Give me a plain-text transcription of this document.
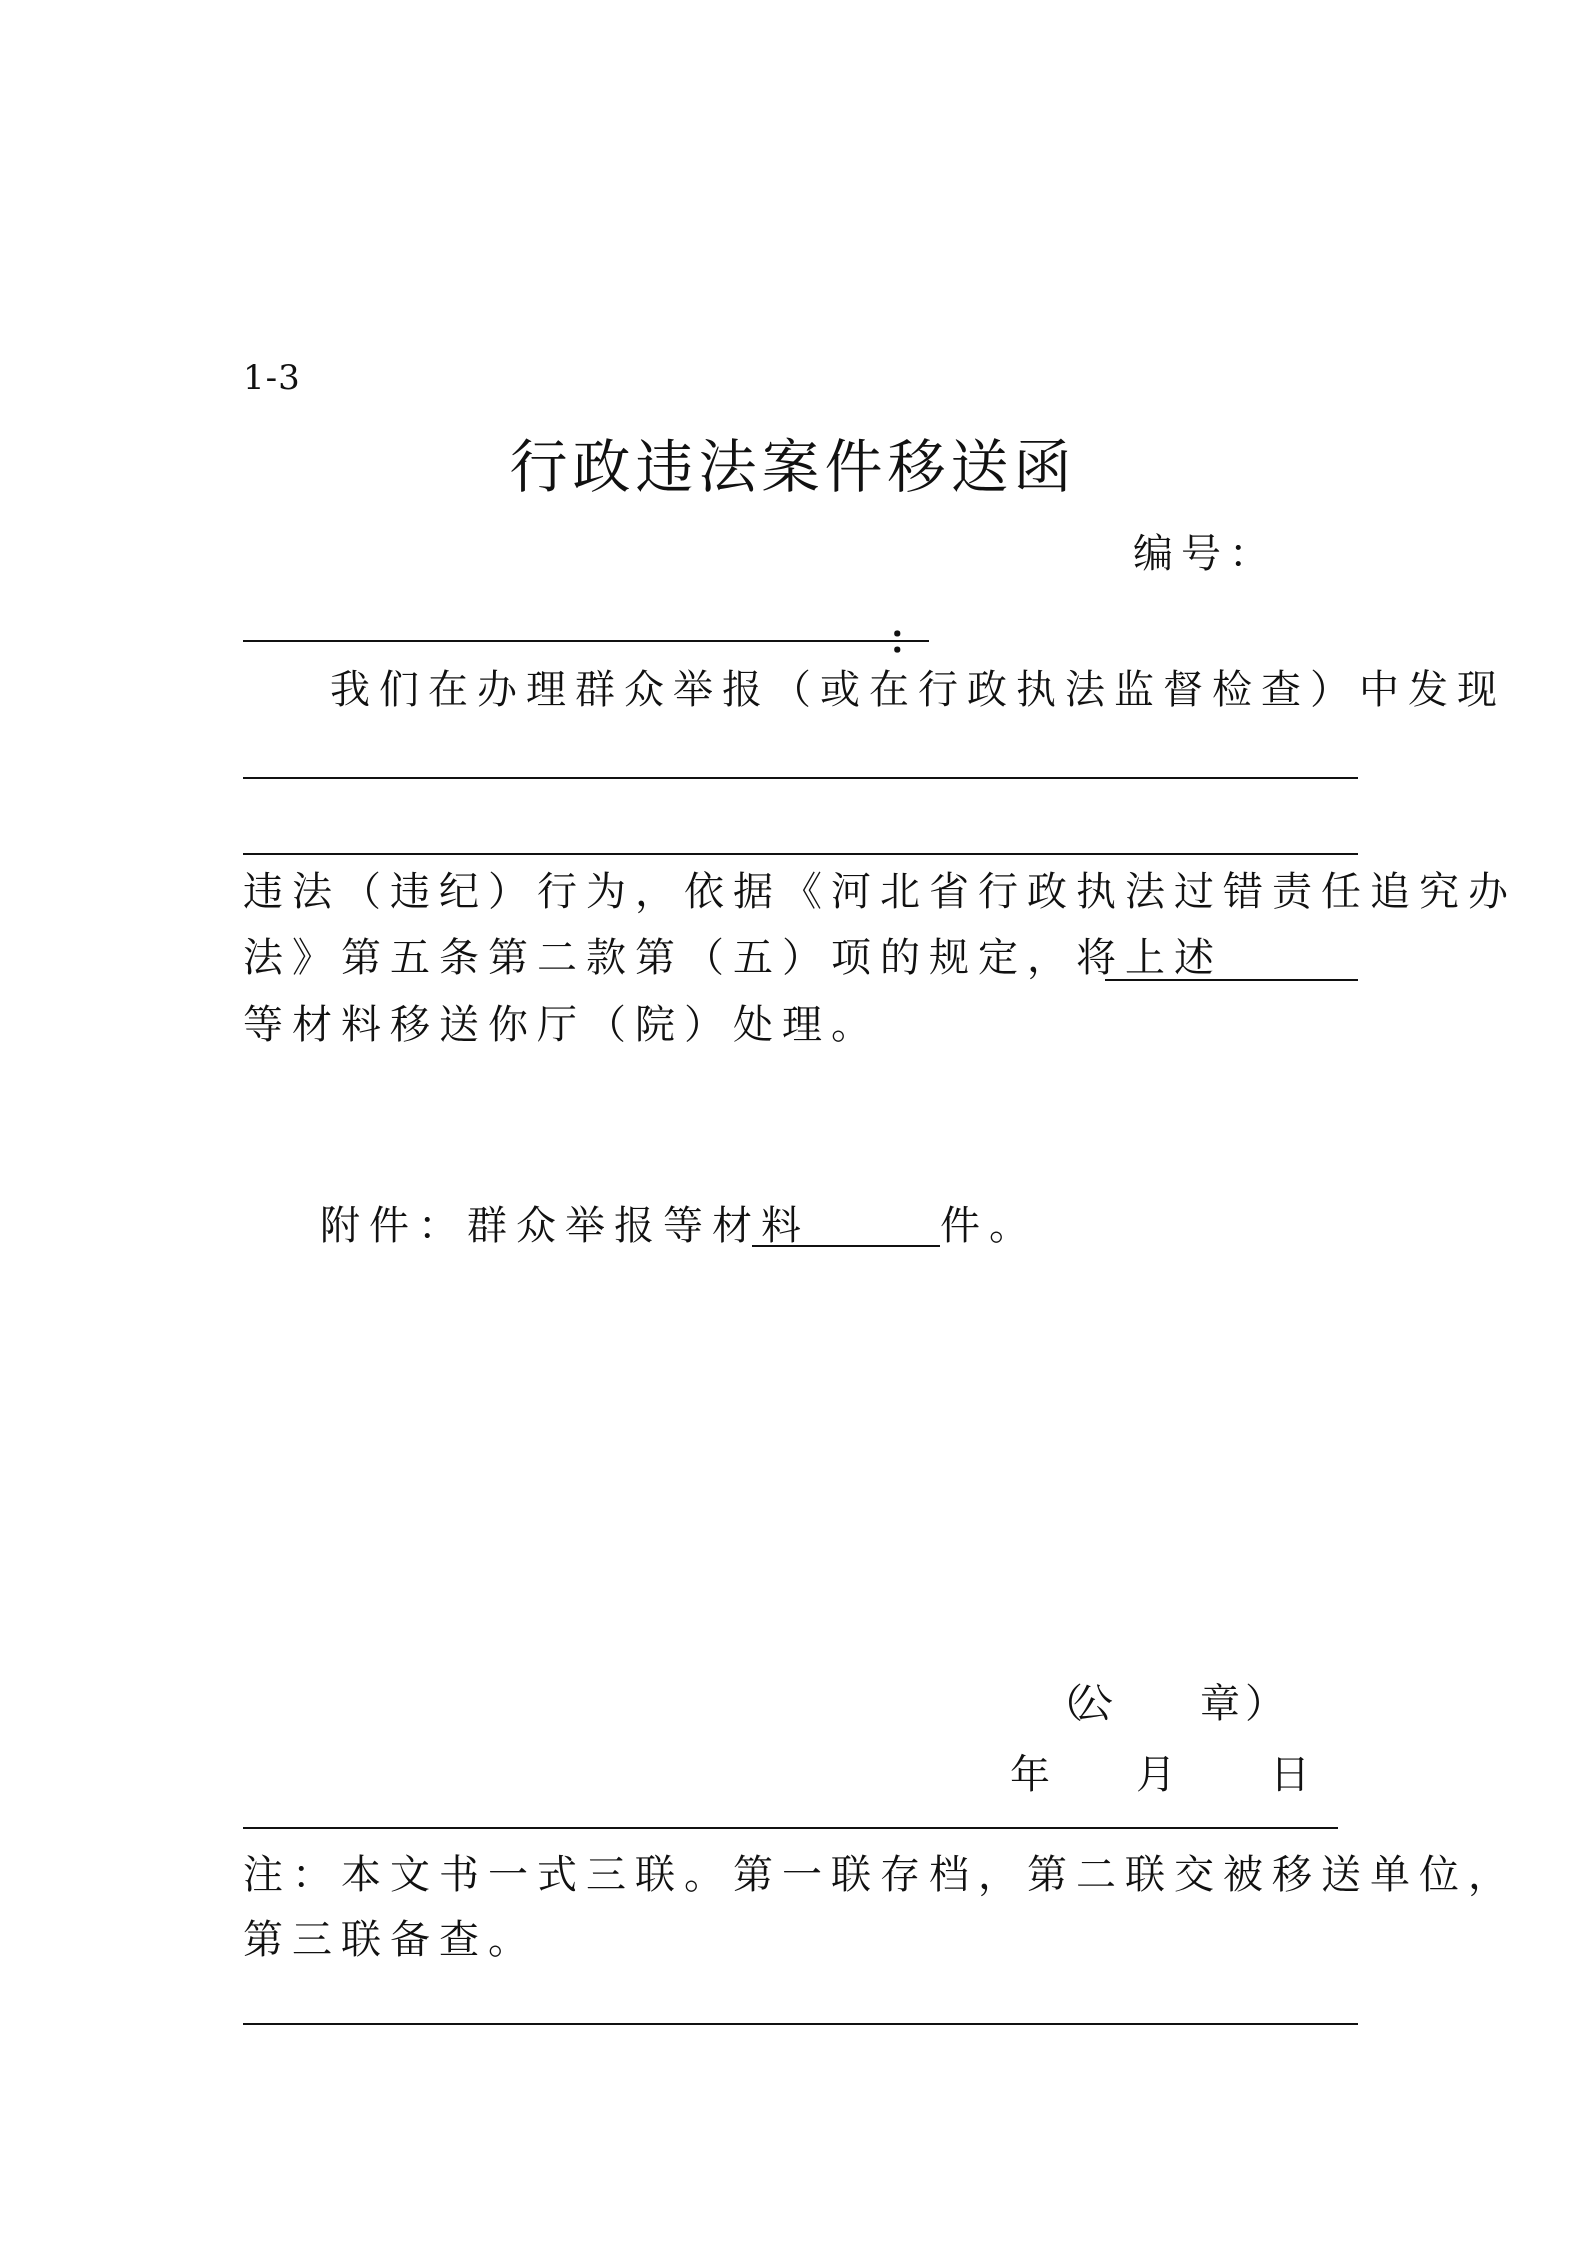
1-3
行政违法案件移送函
编号：
：
我们在办理群众举报（或在行政执法监督检查）中发现
违法（违纪）行为，依据《河北省行政执法过错责任追究办
法》第五条第二款第（五）项的规定，将上述
等材料移送你厅（院）处理。
附件：群众举报等材料	件。
（
公 章 ）
年 月 日
注：本文书一式三联。第一联存档，第二联交被移送单位，
第三联备查。
